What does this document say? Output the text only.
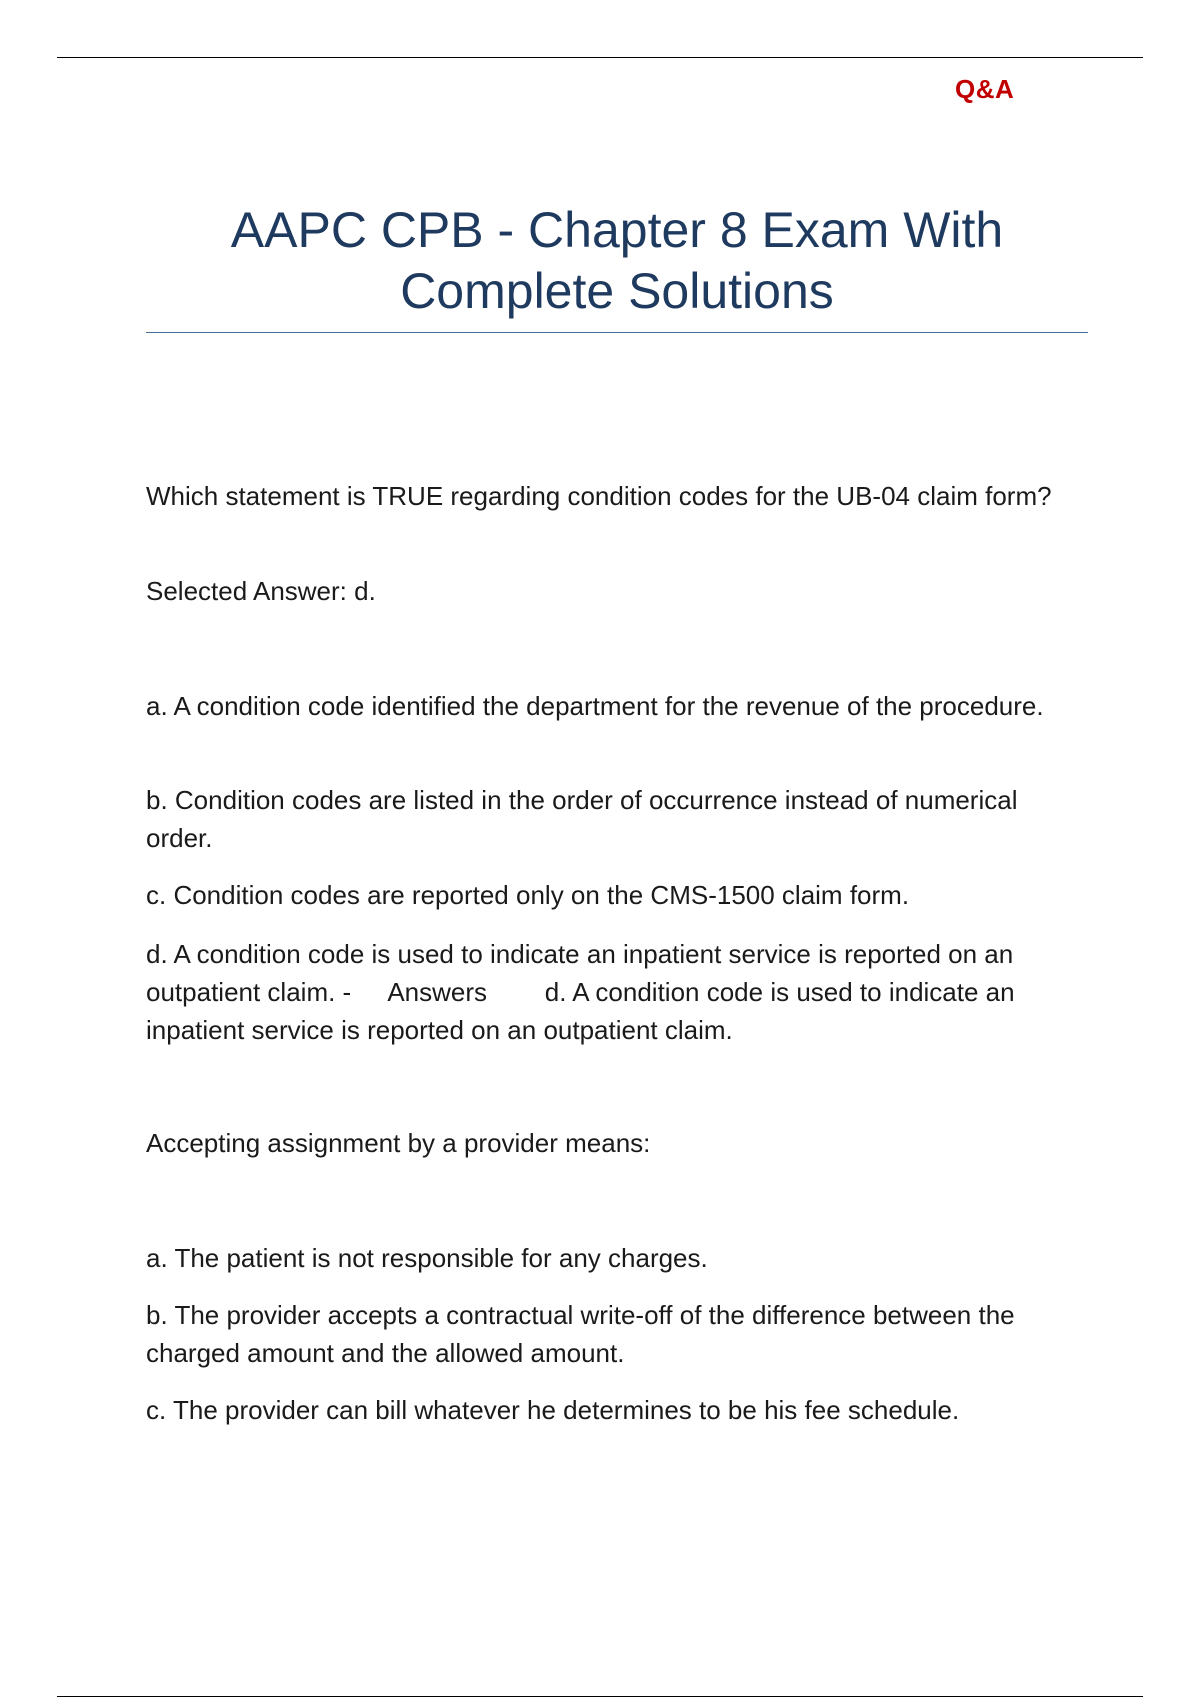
Q&A
AAPC CPB - Chapter 8 Exam With Complete Solutions

Which statement is TRUE regarding condition codes for the UB-04 claim form?

Selected Answer: d.

a. A condition code identified the department for the revenue of the procedure.

b. Condition codes are listed in the order of occurrence instead of numerical order.

c. Condition codes are reported only on the CMS-1500 claim form.

d. A condition code is used to indicate an inpatient service is reported on an outpatient claim. -     Answers        d. A condition code is used to indicate an inpatient service is reported on an outpatient claim.

Accepting assignment by a provider means:

a. The patient is not responsible for any charges.

b. The provider accepts a contractual write-off of the difference between the charged amount and the allowed amount.

c. The provider can bill whatever he determines to be his fee schedule.
